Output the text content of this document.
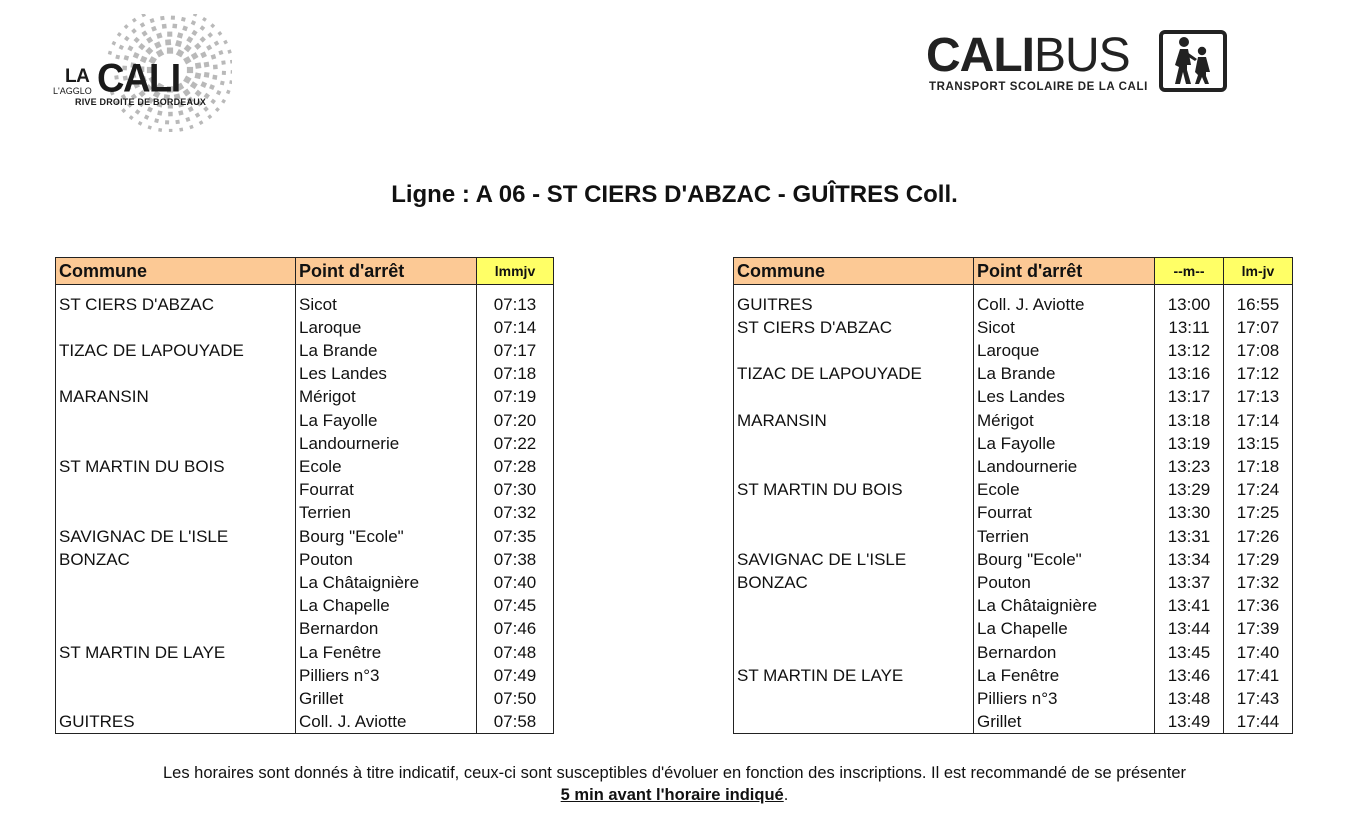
LA CALI
L'AGGLO
RIVE DROITE DE BORDEAUX
CALIBUS
TRANSPORT SCOLAIRE DE LA CALI
Ligne : A 06 - ST CIERS D'ABZAC - GUÎTRES Coll.
Commune	Point d'arrêt	lmmjv

ST CIERS D'ABZAC	Sicot	07:13
	Laroque	07:14
TIZAC DE LAPOUYADE	La Brande	07:17
	Les Landes	07:18
MARANSIN	Mérigot	07:19
	La Fayolle	07:20
	Landournerie	07:22
ST MARTIN DU BOIS	Ecole	07:28
	Fourrat	07:30
	Terrien	07:32
SAVIGNAC DE L'ISLE	Bourg "Ecole"	07:35
BONZAC	Pouton	07:38
	La Châtaignière	07:40
	La Chapelle	07:45
	Bernardon	07:46
ST MARTIN DE LAYE	La Fenêtre	07:48
	Pilliers n°3	07:49
	Grillet	07:50
GUITRES	Coll. J. Aviotte	07:58
Commune	Point d'arrêt	--m--	lm-jv

GUITRES	Coll. J. Aviotte	13:00	16:55
ST CIERS D'ABZAC	Sicot	13:11	17:07
	Laroque	13:12	17:08
TIZAC DE LAPOUYADE	La Brande	13:16	17:12
	Les Landes	13:17	17:13
MARANSIN	Mérigot	13:18	17:14
	La Fayolle	13:19	13:15
	Landournerie	13:23	17:18
ST MARTIN DU BOIS	Ecole	13:29	17:24
	Fourrat	13:30	17:25
	Terrien	13:31	17:26
SAVIGNAC DE L'ISLE	Bourg "Ecole"	13:34	17:29
BONZAC	Pouton	13:37	17:32
	La Châtaignière	13:41	17:36
	La Chapelle	13:44	17:39
	Bernardon	13:45	17:40
ST MARTIN DE LAYE	La Fenêtre	13:46	17:41
	Pilliers n°3	13:48	17:43
	Grillet	13:49	17:44
Les horaires sont donnés à titre indicatif, ceux-ci sont susceptibles d'évoluer en fonction des inscriptions. Il est recommandé de se présenter
5 min avant l'horaire indiqué.
